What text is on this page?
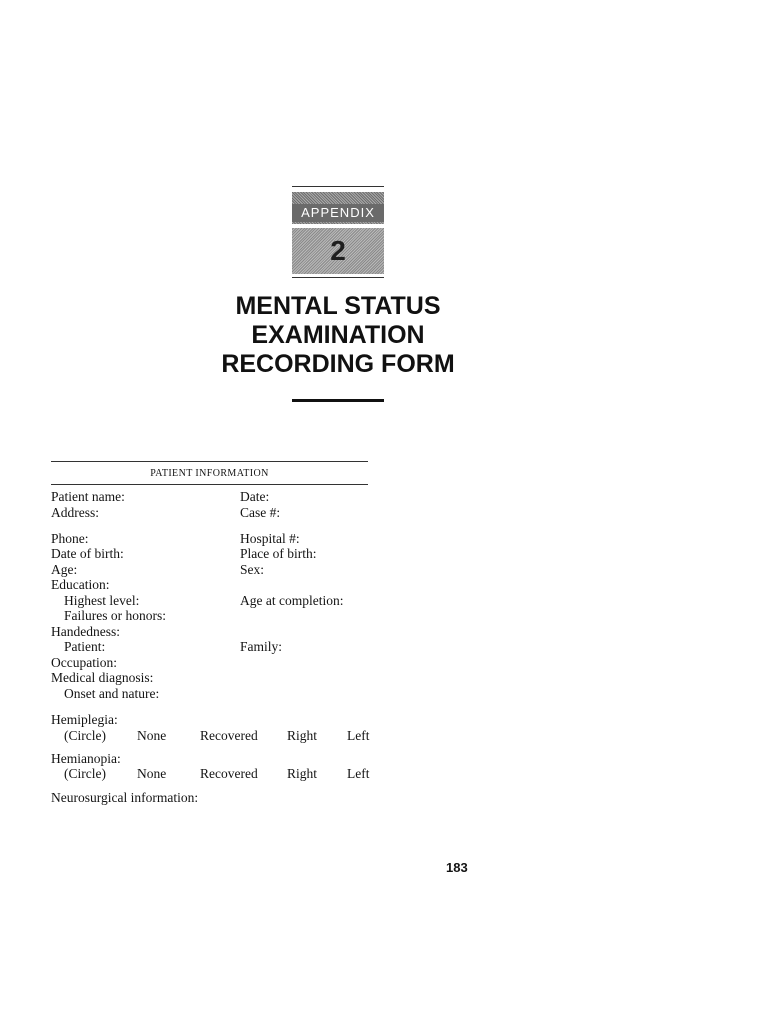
APPENDIX
2
MENTAL STATUS
EXAMINATION
RECORDING FORM
PATIENT INFORMATION
Patient name:
Address:
Phone:
Date of birth:
Age:
Education:
Highest level:
Failures or honors:
Handedness:
Patient:
Occupation:
Medical diagnosis:
Onset and nature:
Date:
Case #:
Hospital #:
Place of birth:
Sex:
Age at completion:
Family:
Hemiplegia:
(Circle) None	Recovered Right Left
Hemianopia:
(Circle) None	Recovered Right Left
Neurosurgical information:
183
